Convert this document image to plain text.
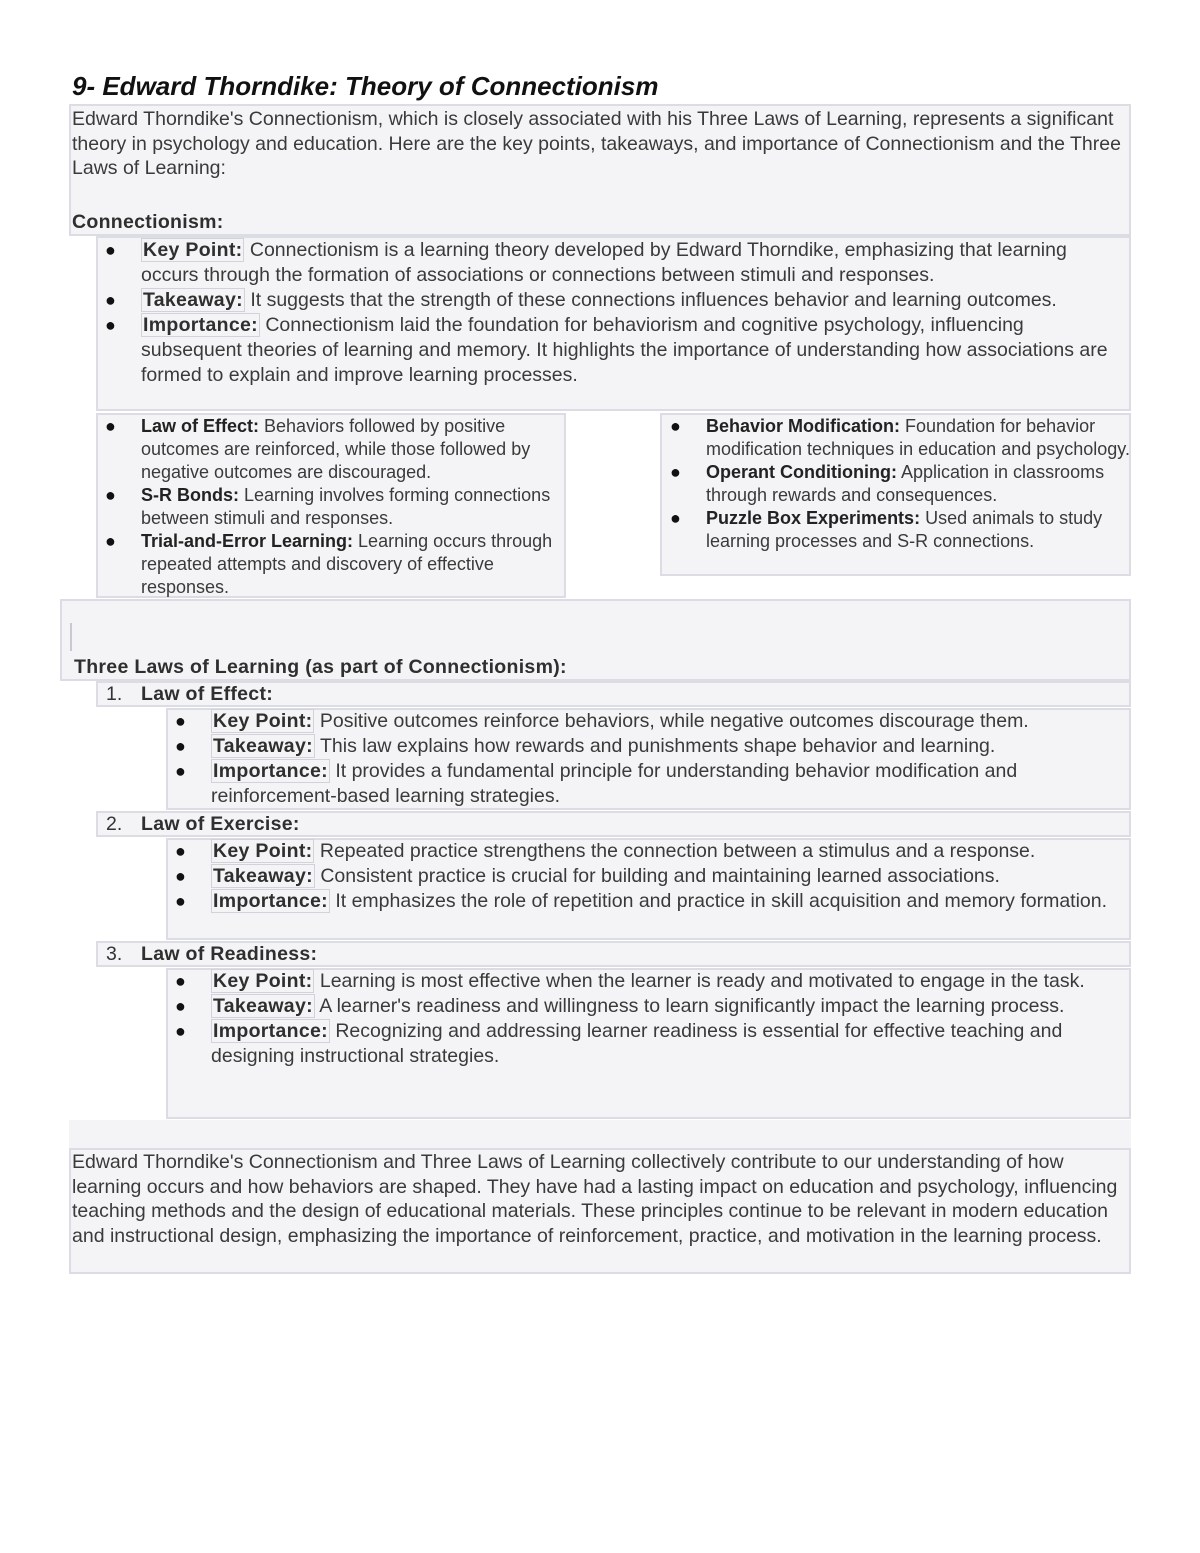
9- Edward Thorndike: Theory of Connectionism
Edward Thorndike's Connectionism, which is closely associated with his Three Laws of Learning, represents a significant theory in psychology and education. Here are the key points, takeaways, and importance of Connectionism and the Three Laws of Learning:
Connectionism:
● Key Point: Connectionism is a learning theory developed by Edward Thorndike, emphasizing that learning occurs through the formation of associations or connections between stimuli and responses.
● Takeaway: It suggests that the strength of these connections influences behavior and learning outcomes.
● Importance: Connectionism laid the foundation for behaviorism and cognitive psychology, influencing subsequent theories of learning and memory. It highlights the importance of understanding how associations are formed to explain and improve learning processes.
● Law of Effect: Behaviors followed by positive outcomes are reinforced, while those followed by negative outcomes are discouraged.
● S-R Bonds: Learning involves forming connections between stimuli and responses.
● Trial-and-Error Learning: Learning occurs through repeated attempts and discovery of effective responses.
● Behavior Modification: Foundation for behavior modification techniques in education and psychology.
● Operant Conditioning: Application in classrooms through rewards and consequences.
● Puzzle Box Experiments: Used animals to study learning processes and S-R connections.
Three Laws of Learning (as part of Connectionism):
1. Law of Effect:
● Key Point: Positive outcomes reinforce behaviors, while negative outcomes discourage them.
● Takeaway: This law explains how rewards and punishments shape behavior and learning.
● Importance: It provides a fundamental principle for understanding behavior modification and reinforcement-based learning strategies.
2. Law of Exercise:
● Key Point: Repeated practice strengthens the connection between a stimulus and a response.
● Takeaway: Consistent practice is crucial for building and maintaining learned associations.
● Importance: It emphasizes the role of repetition and practice in skill acquisition and memory formation.
3. Law of Readiness:
● Key Point: Learning is most effective when the learner is ready and motivated to engage in the task.
● Takeaway: A learner's readiness and willingness to learn significantly impact the learning process.
● Importance: Recognizing and addressing learner readiness is essential for effective teaching and designing instructional strategies.
Edward Thorndike's Connectionism and Three Laws of Learning collectively contribute to our understanding of how learning occurs and how behaviors are shaped. They have had a lasting impact on education and psychology, influencing teaching methods and the design of educational materials. These principles continue to be relevant in modern education and instructional design, emphasizing the importance of reinforcement, practice, and motivation in the learning process.
